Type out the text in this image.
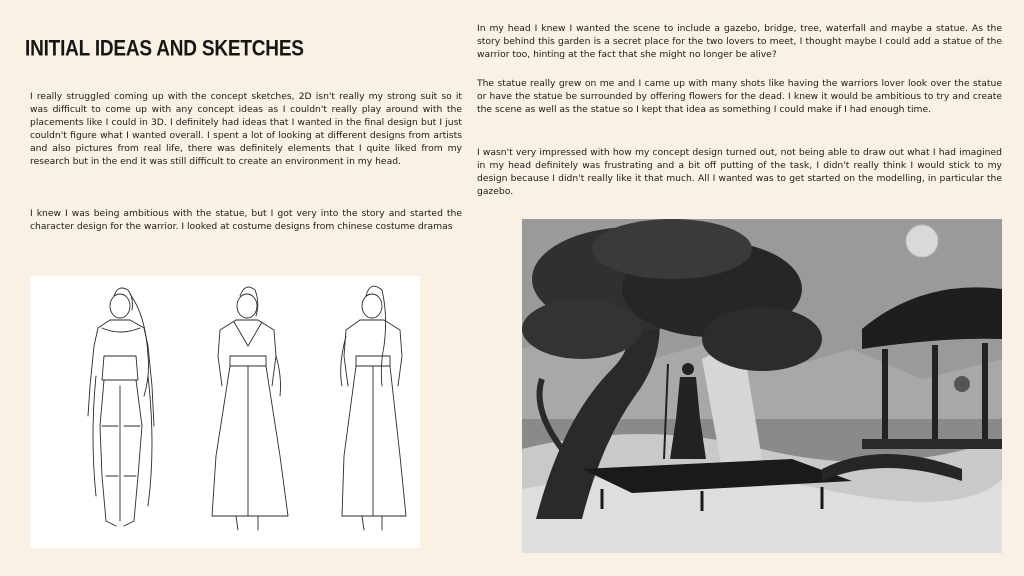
INITIAL IDEAS AND SKETCHES

I really struggled coming up with the concept sketches, 2D isn't really my strong suit so it was difficult to come up with any concept ideas as I couldn't really play around with the placements like I could in 3D. I definitely had ideas that I wanted in the final design but I just couldn't figure what I wanted overall. I spent a lot of looking at different designs from artists and also pictures from real life, there was definitely elements that I quite liked from my research but in the end it was still difficult to create an environment in my head.

I knew I was being ambitious with the statue, but I got very into the story and started the character design for the warrior. I looked at costume designs from chinese costume dramas

In my head I knew I wanted the scene to include a gazebo, bridge, tree, waterfall and maybe a statue. As the story behind this garden is a secret place for the two lovers to meet, I thought maybe I could add a statue of the warrior too, hinting at the fact that she might no longer be alive?

The statue really grew on me and I came up with many shots like having the warriors lover look over the statue or have the statue be surrounded by offering flowers for the dead. I knew it would be ambitious to try and create the scene as well as the statue so I kept that idea as something I could make if I had enough time.

I wasn't very impressed with how my concept design turned out, not being able to draw out what I had imagined in my head definitely was frustrating and a bit off putting of the task, I didn't really think I would stick to my design because I didn't really like it that much. All I wanted was to get started on the modelling, in particular the gazebo.
